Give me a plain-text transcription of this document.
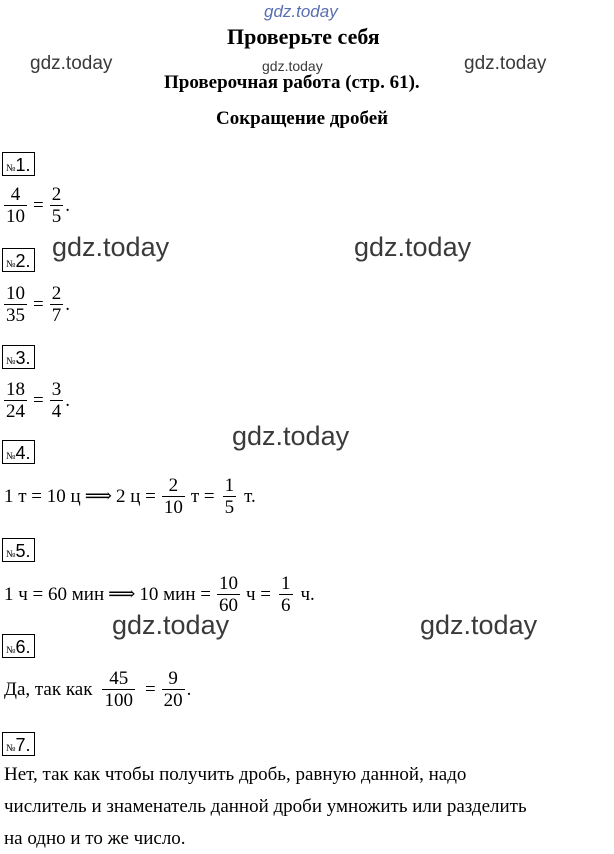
gdz.today
gdz.today	gdz.today	gdz.today
gdz.today	gdz.today
gdz.today
gdz.today	gdz.today
Проверьте себя
Проверочная работа (стр. 61).
Сокращение дробей
№1.
$\frac{4}{10} = \frac{2}{5}$ .
№2.
$\frac{10}{35} = \frac{2}{7}$ .
№3.
$\frac{18}{24} = \frac{3}{4}$ .
№4.
1 т = 10 ц ⟹ 2 $ц = \frac{2}{10}$ $т = \frac{1}{5} т$.
№5.
1 ч = 60 мин ⟹ 10 мин = $\frac{10}{60}$ $ч = \frac{1}{6} ч$.
№6.
Да, так как $\frac{45}{100} = \frac{9}{20}$ .
№7.
Нет, так как чтобы получить дробь, равную данной, надо
числитель и знаменатель данной дроби умножить или разделить
на одно и то же число.
